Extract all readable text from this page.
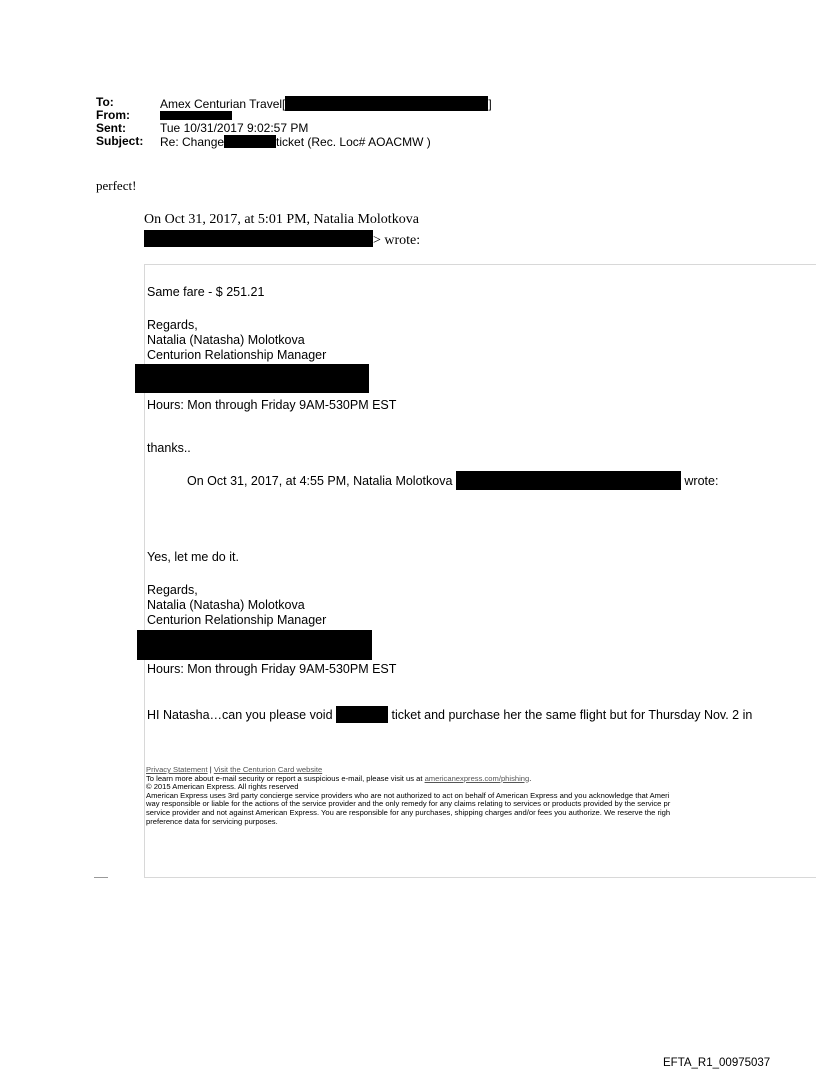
To:	Amex Centurian Travel[	]
From:
Sent:	Tue 10/31/2017 9:02:57 PM
Subject:	Re: Change	ticket (Rec. Loc# AOACMW )
perfect!
On Oct 31, 2017, at 5:01 PM, Natalia Molotkova
> wrote:
Same fare - $ 251.21
Regards,
Natalia (Natasha) Molotkova
Centurion Relationship Manager
Hours: Mon through Friday 9AM-530PM EST
thanks..
On Oct 31, 2017, at 4:55 PM, Natalia Molotkova	wrote:
Yes, let me do it.
Regards,
Natalia (Natasha) Molotkova
Centurion Relationship Manager
Hours: Mon through Friday 9AM-530PM EST
HI Natasha…can you please void	ticket and purchase her the same flight but for Thursday Nov. 2 in
Privacy Statement | Visit the Centurion Card website
To learn more about e-mail security or report a suspicious e-mail, please visit us at americanexpress.com/phishing.
© 2015 American Express. All rights reserved
American Express uses 3rd party concierge service providers who are not authorized to act on behalf of American Express and you acknowledge that Ameri
way responsible or liable for the actions of the service provider and the only remedy for any claims relating to services or products provided by the service pr
service provider and not against American Express. You are responsible for any purchases, shipping charges and/or fees you authorize. We reserve the righ
preference data for servicing purposes.
EFTA_R1_00975037
